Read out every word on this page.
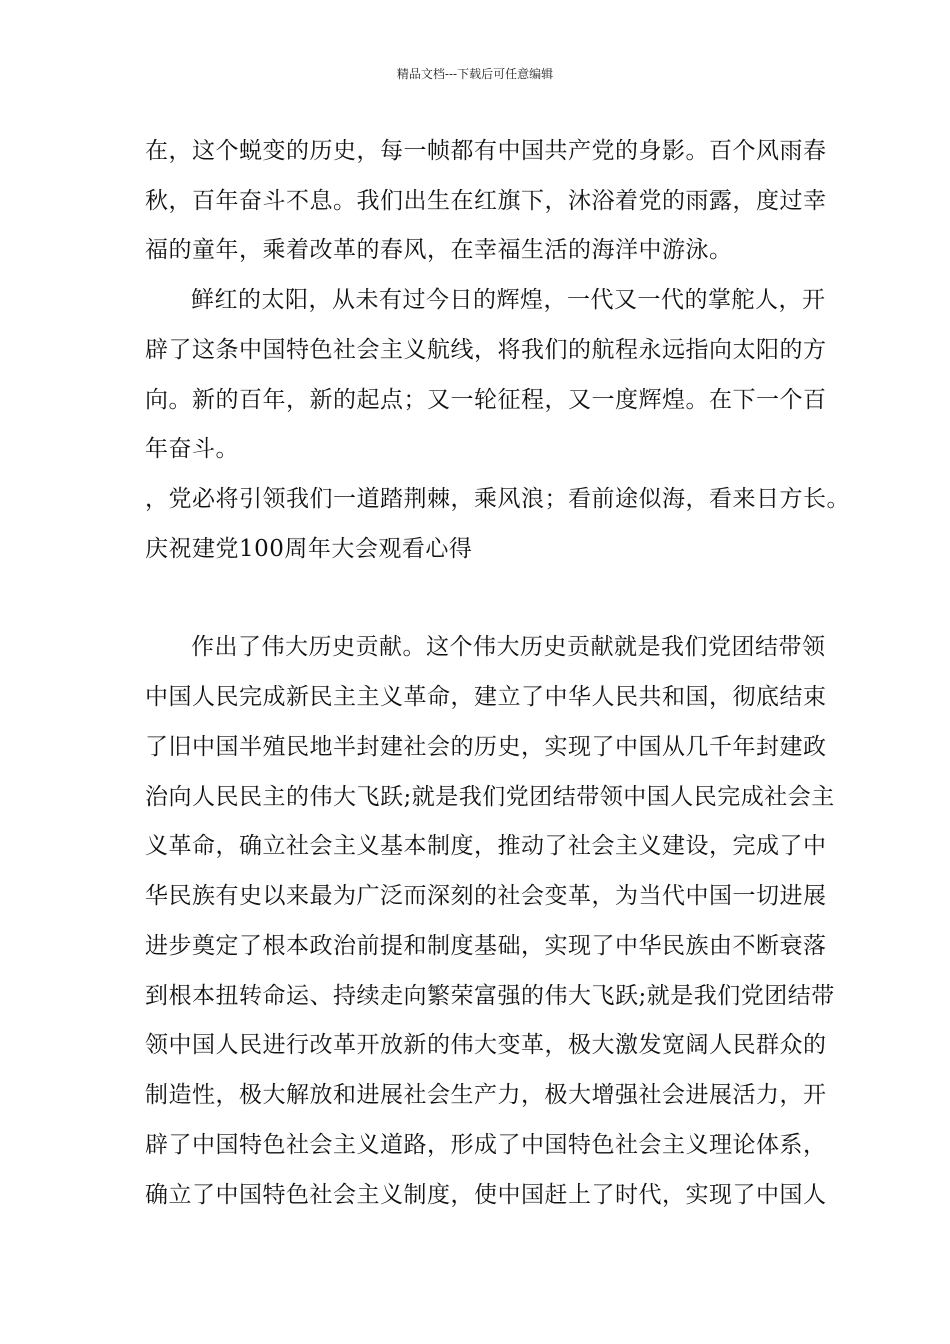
精品文档---下载后可任意编辑
在，这个蜕变的历史，每一帧都有中国共产党的身影。百个风雨春
秋，百年奋斗不息。我们出生在红旗下，沐浴着党的雨露，度过幸
福的童年，乘着改革的春风，在幸福生活的海洋中游泳。
鲜红的太阳，从未有过今日的辉煌，一代又一代的掌舵人，开
辟了这条中国特色社会主义航线，将我们的航程永远指向太阳的方
向。新的百年，新的起点；又一轮征程，又一度辉煌。在下一个百
年奋斗。
，党必将引领我们一道踏荆棘，乘风浪；看前途似海，看来日方长。
庆祝建党100周年大会观看心得
作出了伟大历史贡献。这个伟大历史贡献就是我们党团结带领
中国人民完成新民主主义革命，建立了中华人民共和国，彻底结束
了旧中国半殖民地半封建社会的历史，实现了中国从几千年封建政
治向人民民主的伟大飞跃;就是我们党团结带领中国人民完成社会主
义革命，确立社会主义基本制度，推动了社会主义建设，完成了中
华民族有史以来最为广泛而深刻的社会变革，为当代中国一切进展
进步奠定了根本政治前提和制度基础，实现了中华民族由不断衰落
到根本扭转命运、持续走向繁荣富强的伟大飞跃;就是我们党团结带
领中国人民进行改革开放新的伟大变革，极大激发宽阔人民群众的
制造性，极大解放和进展社会生产力，极大增强社会进展活力，开
辟了中国特色社会主义道路，形成了中国特色社会主义理论体系，
确立了中国特色社会主义制度，使中国赶上了时代，实现了中国人
